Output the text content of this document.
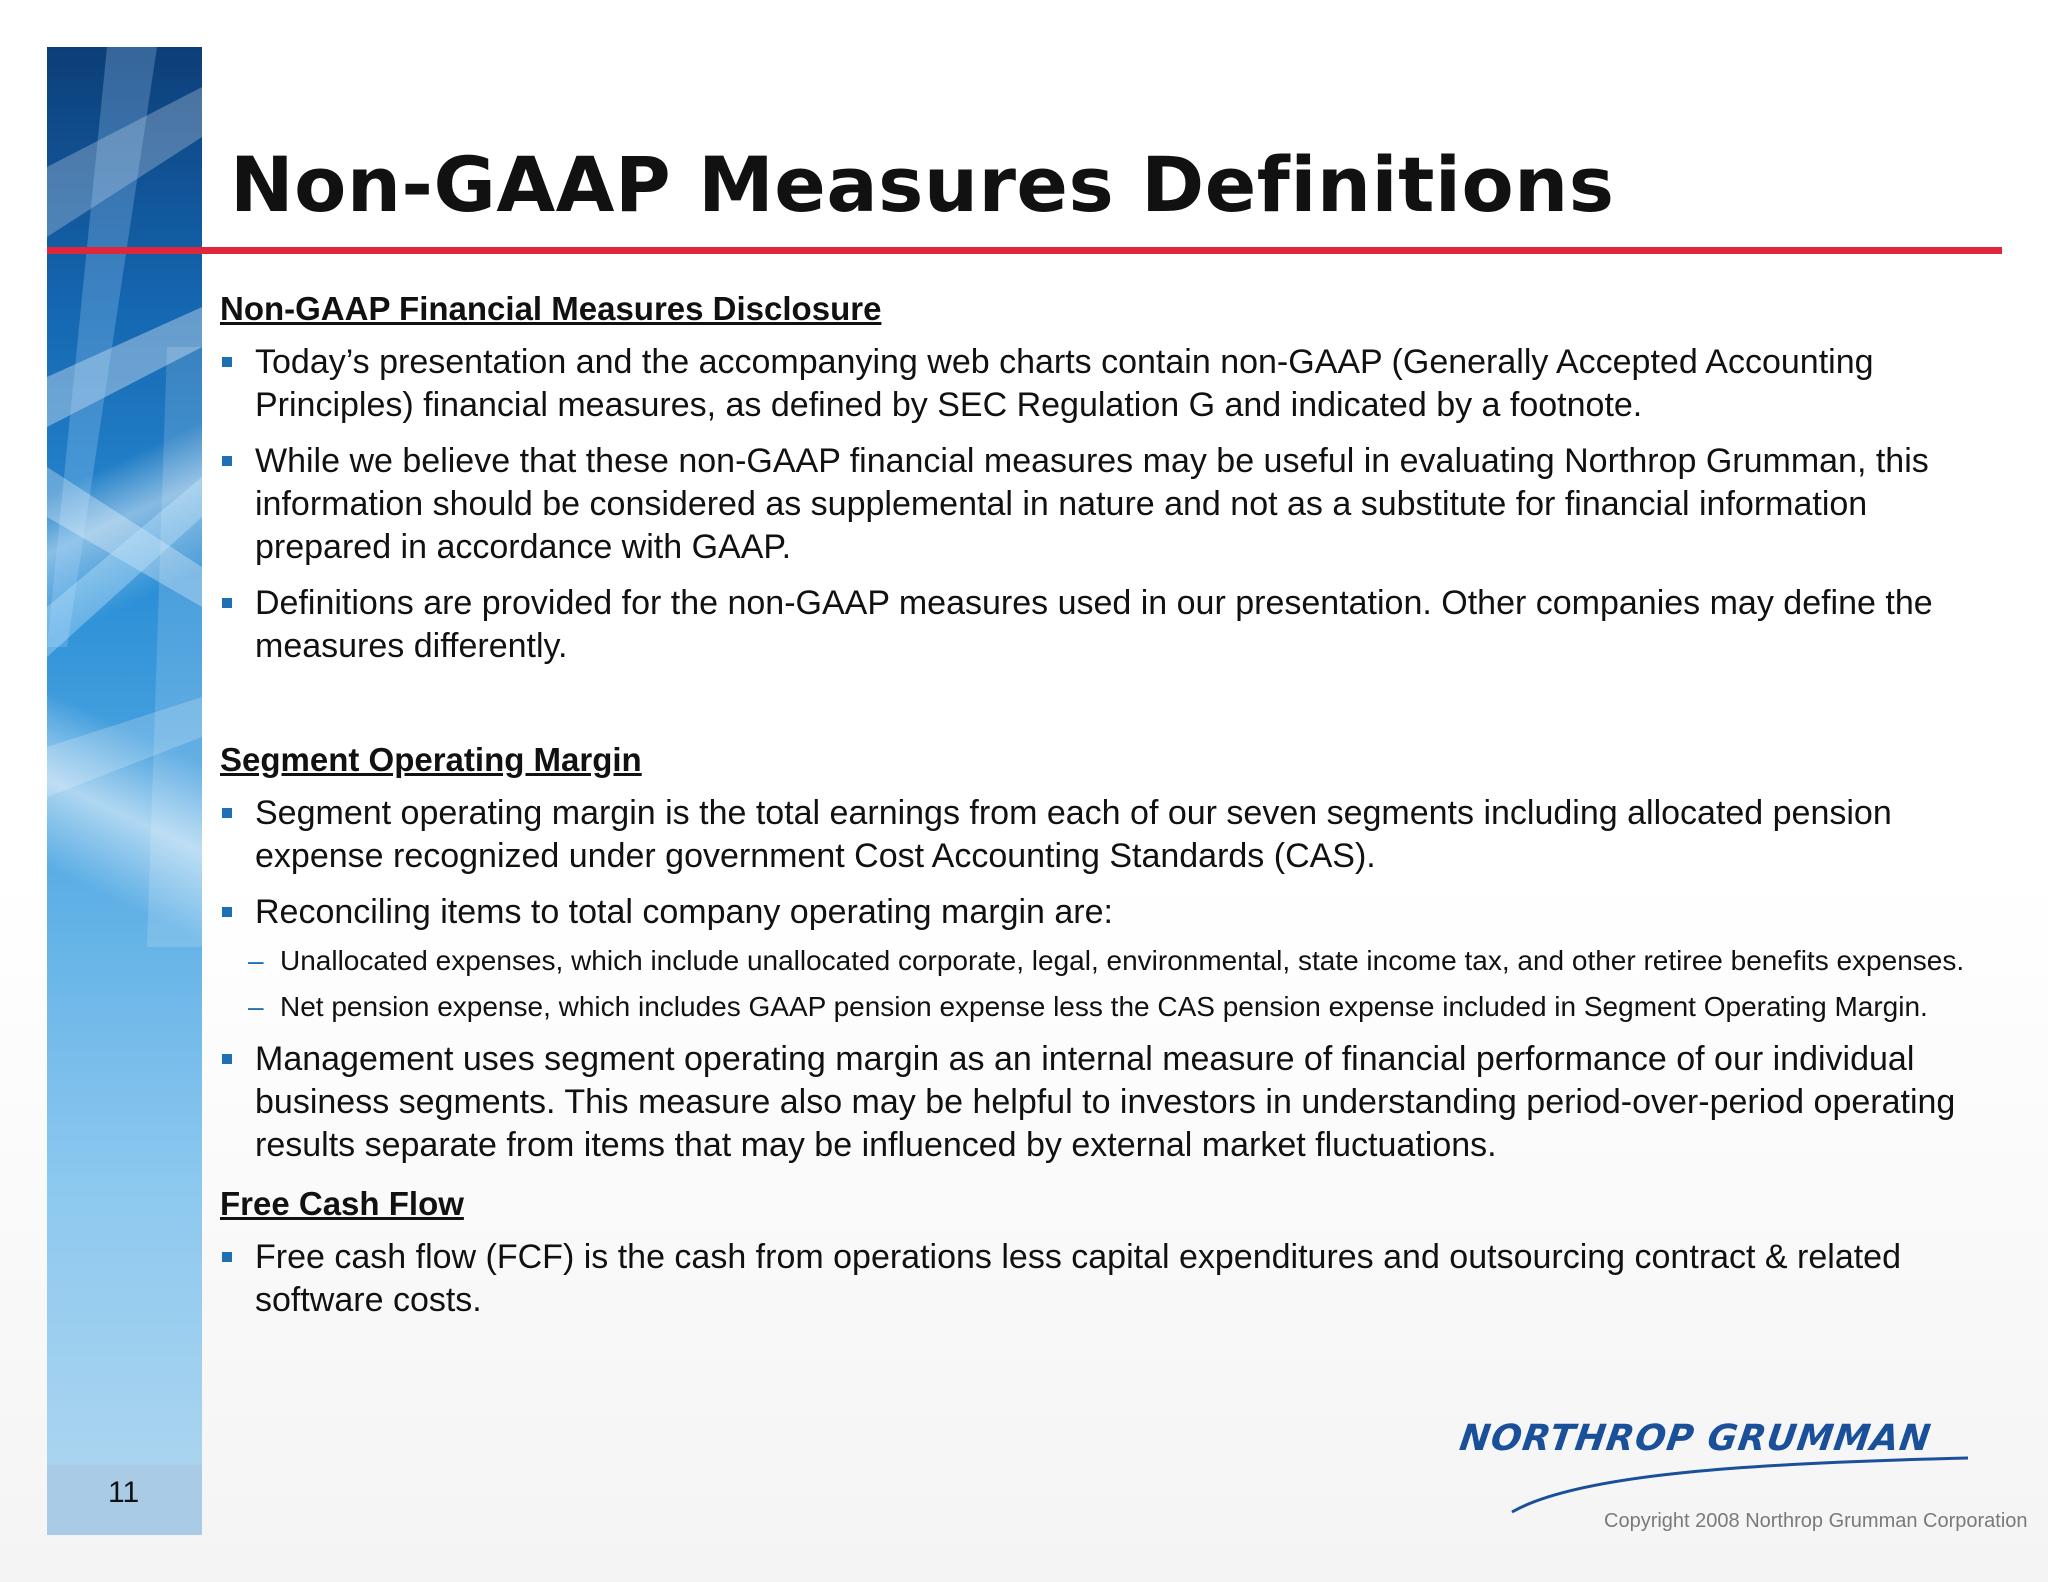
11
Non-GAAP Measures Definitions
Non-GAAP Financial Measures Disclosure
Today’s presentation and the accompanying web charts contain non-GAAP (Generally Accepted Accounting Principles) financial measures, as defined by SEC Regulation G and indicated by a footnote.
While we believe that these non-GAAP financial measures may be useful in evaluating Northrop Grumman, this information should be considered as supplemental in nature and not as a substitute for financial information prepared in accordance with GAAP.
Definitions are provided for the non-GAAP measures used in our presentation. Other companies may define the measures differently.
Segment Operating Margin
Segment operating margin is the total earnings from each of our seven segments including allocated pension expense recognized under government Cost Accounting Standards (CAS).
Reconciling items to total company operating margin are:
– Unallocated expenses, which include unallocated corporate, legal, environmental, state income tax, and other retiree benefits expenses.
– Net pension expense, which includes GAAP pension expense less the CAS pension expense included in Segment Operating Margin.
Management uses segment operating margin as an internal measure of financial performance of our individual business segments. This measure also may be helpful to investors in understanding period-over-period operating results separate from items that may be influenced by external market fluctuations.
Free Cash Flow
Free cash flow (FCF) is the cash from operations less capital expenditures and outsourcing contract & related software costs.
NORTHROP GRUMMAN
Copyright 2008 Northrop Grumman Corporation
